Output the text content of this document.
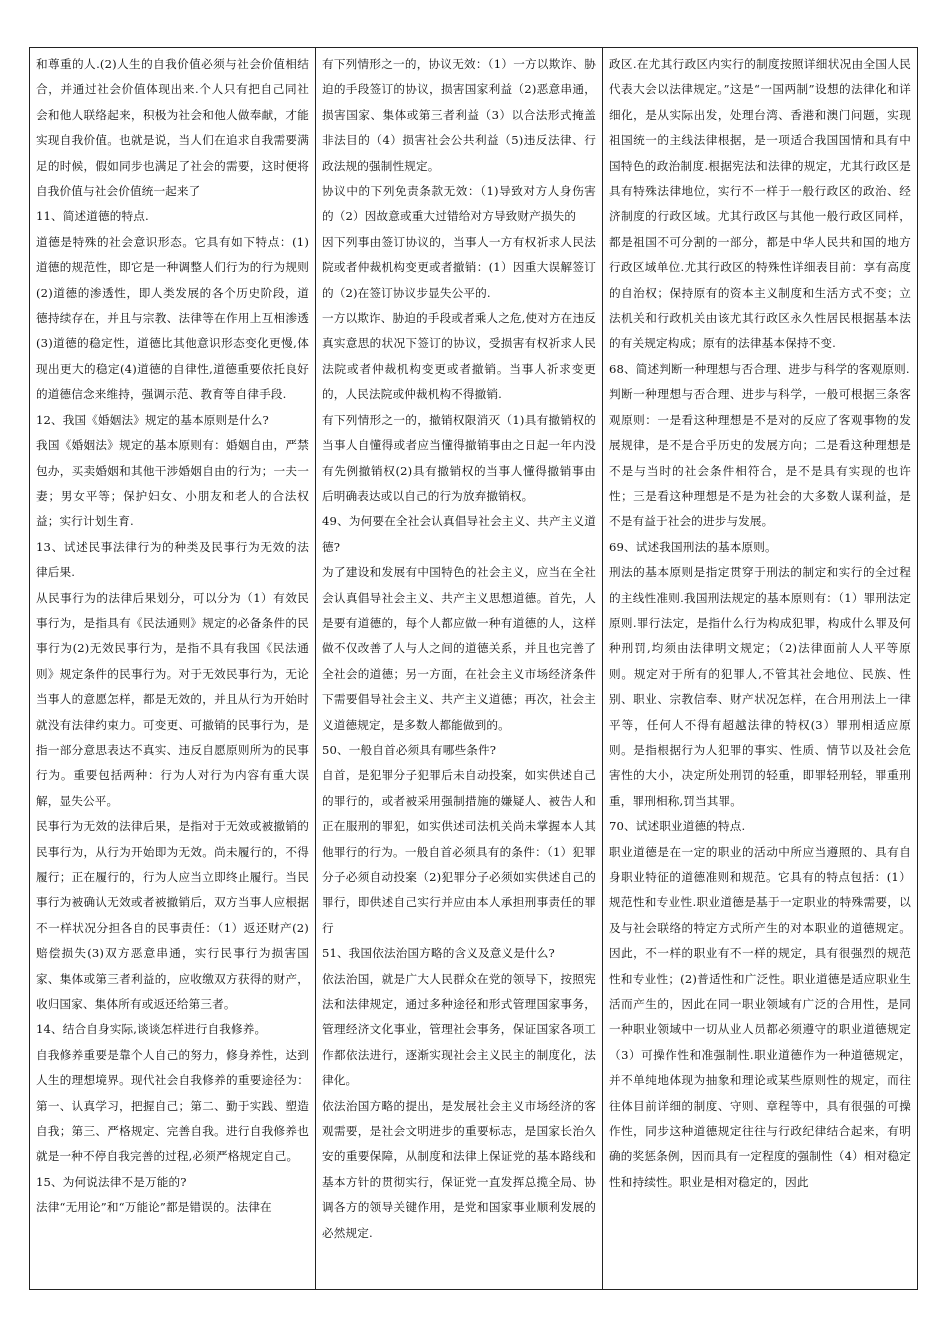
和尊重的人.(2)人生的自我价值必须与社会价值相结合，并通过社会价值体现出来.个人只有把自己同社会和他人联络起来，积极为社会和他人做奉献，才能实现自我价值。也就是说，当人们在追求自我需要满足的时候，假如同步也满足了社会的需要，这时便将自我价值与社会价值统一起来了

11、简述道德的特点.

道德是特殊的社会意识形态。它具有如下特点：(1)道德的规范性，即它是一种调整人们行为的行为规则(2)道德的渗透性，即人类发展的各个历史阶段，道德持续存在，并且与宗教、法律等在作用上互相渗透(3)道德的稳定性，道德比其他意识形态变化更慢,体现出更大的稳定(4)道德的自律性,道德重要依托良好的道德信念来维持，强调示范、教育等自律手段.

12、我国《婚姻法》规定的基本原则是什么?

我国《婚姻法》规定的基本原则有：婚姻自由，严禁包办，买卖婚姻和其他干涉婚姻自由的行为；一夫一妻；男女平等；保护妇女、小朋友和老人的合法权益；实行计划生育.

13、试述民事法律行为的种类及民事行为无效的法律后果.

从民事行为的法律后果划分，可以分为（1）有效民事行为，是指具有《民法通则》规定的必备条件的民事行为(2)无效民事行为，是指不具有我国《民法通则》规定条件的民事行为。对于无效民事行为，无论当事人的意愿怎样，都是无效的，并且从行为开始时就没有法律约束力。可变更、可撤销的民事行为，是指一部分意思表达不真实、违反自愿原则所为的民事行为。重要包括两种：行为人对行为内容有重大误解，显失公平。

民事行为无效的法律后果，是指对于无效或被撤销的民事行为，从行为开始即为无效。尚未履行的，不得履行；正在履行的，行为人应当立即终止履行。当民事行为被确认无效或者被撤销后，双方当事人应根据不一样状况分担各自的民事责任：（1）返还财产(2)赔偿损失(3)双方恶意串通，实行民事行为损害国家、集体或第三者利益的，应收缴双方获得的财产，收归国家、集体所有或返还给第三者。

14、结合自身实际,谈谈怎样进行自我修养。

自我修养重要是靠个人自己的努力，修身养性，达到人生的理想境界。现代社会自我修养的重要途径为：第一、认真学习，把握自己；第二、勤于实践、塑造自我；第三、严格规定、完善自我。进行自我修养也就是一种不停自我完善的过程,必须严格规定自己。

15、为何说法律不是万能的?

法律“无用论”和“万能论”都是错误的。法律在

有下列情形之一的，协议无效：（1）一方以欺诈、胁迫的手段签订的协议，损害国家利益（2)恶意串通，损害国家、集体或第三者利益（3）以合法形式掩盖非法目的（4）损害社会公共利益（5)违反法律、行政法规的强制性规定。

协议中的下列免责条款无效：（1)导致对方人身伤害的（2）因故意或重大过错给对方导致财产损失的

因下列事由签订协议的，当事人一方有权祈求人民法院或者仲裁机构变更或者撤销：(1）因重大误解签订的（2)在签订协议步显失公平的.

一方以欺诈、胁迫的手段或者乘人之危,使对方在违反真实意思的状况下签订的协议，受损害有权祈求人民法院或者仲裁机构变更或者撤销。当事人祈求变更的，人民法院或仲裁机构不得撤销.

有下列情形之一的，撤销权限消灭（1)具有撤销权的当事人自懂得或者应当懂得撤销事由之日起一年内没有先例撤销权(2)具有撤销权的当事人懂得撤销事由后明确表达或以自己的行为放弃撤销权。

49、为何要在全社会认真倡导社会主义、共产主义道德?

为了建设和发展有中国特色的社会主义，应当在全社会认真倡导社会主义、共产主义思想道德。首先，人是要有道德的，每个人都应做一种有道德的人，这样做不仅改善了人与人之间的道德关系，并且也完善了全社会的道德；另一方面，在社会主义市场经济条件下需要倡导社会主义、共产主义道德；再次，社会主义道德规定，是多数人都能做到的。

50、一般自首必须具有哪些条件?

自首，是犯罪分子犯罪后未自动投案，如实供述自己的罪行的，或者被采用强制措施的嫌疑人、被告人和正在服刑的罪犯，如实供述司法机关尚未掌握本人其他罪行的行为。一般自首必须具有的条件：（1）犯罪分子必须自动投案（2)犯罪分子必须如实供述自己的罪行，即供述自己实行并应由本人承担刑事责任的罪行

51、我国依法治国方略的含义及意义是什么?

依法治国，就是广大人民群众在党的领导下，按照宪法和法律规定，通过多种途径和形式管理国家事务，管理经济文化事业，管理社会事务，保证国家各项工作都依法进行，逐渐实现社会主义民主的制度化，法律化。

依法治国方略的提出，是发展社会主义市场经济的客观需要，是社会文明进步的重要标志，是国家长治久安的重要保障，从制度和法律上保证党的基本路线和基本方针的贯彻实行，保证党一直发挥总揽全局、协调各方的领导关键作用，是党和国家事业顺利发展的必然规定.

政区.在尤其行政区内实行的制度按照详细状况由全国人民代表大会以法律规定。”这是“一国两制”设想的法律化和详细化，是从实际出发，处理台湾、香港和澳门问题，实现祖国统一的主线法律根据，是一项适合我国国情和具有中国特色的政治制度.根据宪法和法律的规定，尤其行政区是具有特殊法律地位，实行不一样于一般行政区的政治、经济制度的行政区域。尤其行政区与其他一般行政区同样，都是祖国不可分割的一部分，都是中华人民共和国的地方行政区域单位.尤其行政区的特殊性详细表目前：享有高度的自治权；保持原有的资本主义制度和生活方式不变；立法机关和行政机关由该尤其行政区永久性居民根据基本法的有关规定构成；原有的法律基本保持不变.

68、简述判断一种理想与否合理、进步与科学的客观原则.

判断一种理想与否合理、进步与科学，一般可根据三条客观原则：一是看这种理想是不是对的反应了客观事物的发展规律，是不是合乎历史的发展方向；二是看这种理想是不是与当时的社会条件相符合，是不是具有实现的也许性；三是看这种理想是不是为社会的大多数人谋利益，是不是有益于社会的进步与发展。

69、试述我国刑法的基本原则。

刑法的基本原则是指定贯穿于刑法的制定和实行的全过程的主线性准则.我国刑法规定的基本原则有：（1）罪刑法定原则.罪行法定，是指什么行为构成犯罪，构成什么罪及何种刑罚,均须由法律明文规定；（2)法律面前人人平等原则。规定对于所有的犯罪人,不管其社会地位、民族、性别、职业、宗教信奉、财产状况怎样，在合用刑法上一律平等，任何人不得有超越法律的特权(3）罪刑相适应原则。是指根据行为人犯罪的事实、性质、情节以及社会危害性的大小，决定所处刑罚的轻重，即罪轻刑轻，罪重刑重，罪刑相称,罚当其罪。

70、试述职业道德的特点.

职业道德是在一定的职业的活动中所应当遵照的、具有自身职业特征的道德准则和规范。它具有的特点包括：(1）规范性和专业性.职业道德是基于一定职业的特殊需要，以及与社会联络的特定方式所产生的对本职业的道德规定。因此，不一样的职业有不一样的规定，具有很强烈的规范性和专业性；(2)普适性和广泛性。职业道德是适应职业生活而产生的，因此在同一职业领域有广泛的合用性，是同一种职业领域中一切从业人员都必须遵守的职业道德规定（3）可操作性和准强制性.职业道德作为一种道德规定，并不单纯地体现为抽象和理论或某些原则性的规定，而往往体目前详细的制度、守则、章程等中，具有很强的可操作性，同步这种道德规定往往与行政纪律结合起来，有明确的奖惩条例，因而具有一定程度的强制性（4）相对稳定性和持续性。职业是相对稳定的，因此
